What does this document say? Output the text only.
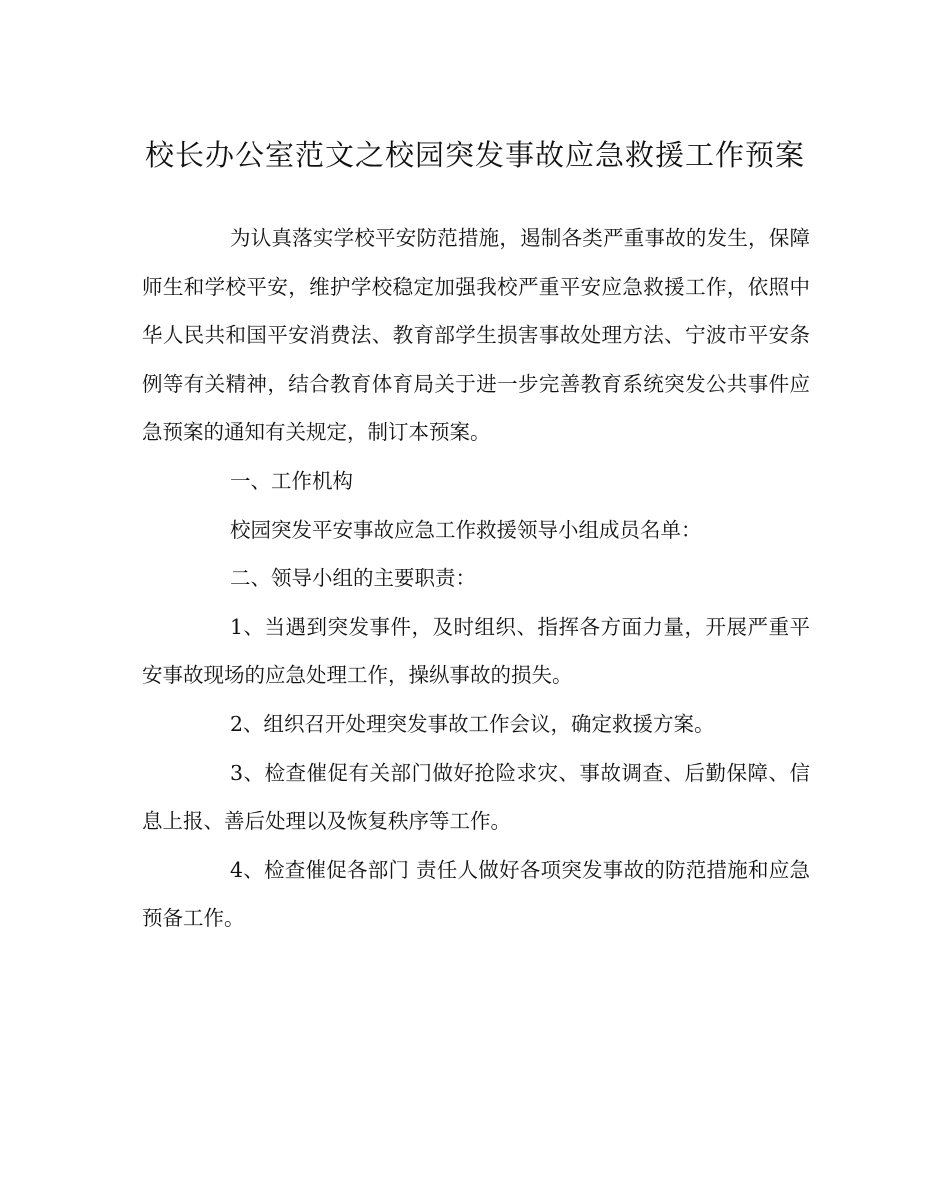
校长办公室范文之校园突发事故应急救援工作预案

为认真落实学校平安防范措施，遏制各类严重事故的发生，保障师生和学校平安，维护学校稳定加强我校严重平安应急救援工作，依照中华人民共和国平安消费法、教育部学生损害事故处理方法、宁波市平安条例等有关精神，结合教育体育局关于进一步完善教育系统突发公共事件应急预案的通知有关规定，制订本预案。

一、工作机构

校园突发平安事故应急工作救援领导小组成员名单：

二、领导小组的主要职责：

1、当遇到突发事件，及时组织、指挥各方面力量，开展严重平安事故现场的应急处理工作，操纵事故的损失。

2、组织召开处理突发事故工作会议，确定救援方案。

3、检查催促有关部门做好抢险求灾、事故调查、后勤保障、信息上报、善后处理以及恢复秩序等工作。

4、检查催促各部门 责任人做好各项突发事故的防范措施和应急预备工作。
